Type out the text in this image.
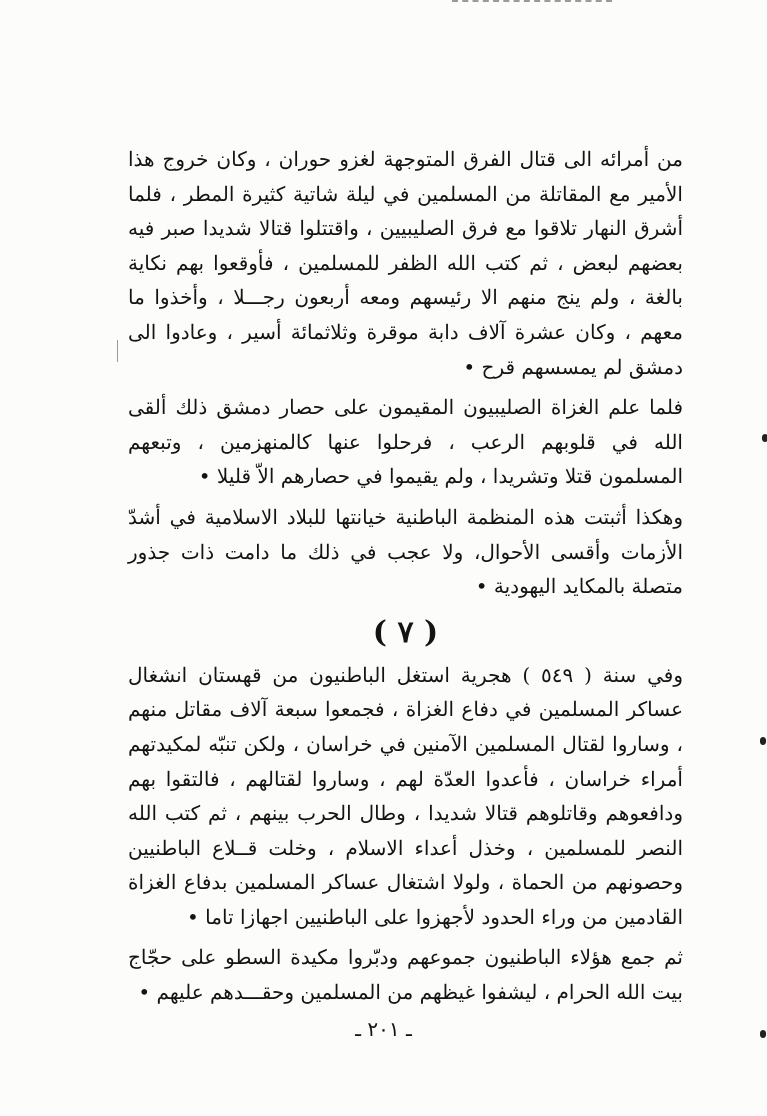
من أمرائه الى قتال الفرق المتوجهة لغزو حوران ، وكان خروج هذا الأمير مع المقاتلة من المسلمين في ليلة شاتية كثيرة المطر ، فلما أشرق النهار تلاقوا مع فرق الصليبيين ، واقتتلوا قتالا شديدا صبر فيه بعضهم لبعض ، ثم كتب الله الظفر للمسلمين ، فأوقعوا بهم نكاية بالغة ، ولم ينج منهم الا رئيسهم ومعه أربعون رجـــلا ، وأخذوا ما معهم ، وكان عشرة آلاف دابة موقرة وثلاثمائة أسير ، وعادوا الى دمشق لم يمسسهم قرح •

فلما علم الغزاة الصليبيون المقيمون على حصار دمشق ذلك ألقى الله في قلوبهم الرعب ، فرحلوا عنها كالمنهزمين ، وتبعهم المسلمون قتلا وتشريدا ، ولم يقيموا في حصارهم الاّ قليلا •

وهكذا أثبتت هذه المنظمة الباطنية خيانتها للبلاد الاسلامية في أشدّ الأزمات وأقسى الأحوال، ولا عجب في ذلك ما دامت ذات جذور متصلة بالمكايد اليهودية •

( ٧ )

وفي سنة ( ٥٤٩ ) هجرية استغل الباطنيون من قهستان انشغال عساكر المسلمين في دفاع الغزاة ، فجمعوا سبعة آلاف مقاتل منهم ، وساروا لقتال المسلمين الآمنين في خراسان ، ولكن تنبّه لمكيدتهم أمراء خراسان ، فأعدوا العدّة لهم ، وساروا لقتالهم ، فالتقوا بهم ودافعوهم وقاتلوهم قتالا شديدا ، وطال الحرب بينهم ، ثم كتب الله النصر للمسلمين ، وخذل أعداء الاسلام ، وخلت قــلاع الباطنيين وحصونهم من الحماة ، ولولا اشتغال عساكر المسلمين بدفاع الغزاة القادمين من وراء الحدود لأجهزوا على الباطنيين اجهازا تاما •

ثم جمع هؤلاء الباطنيون جموعهم ودبّروا مكيدة السطو على حجّاج بيت الله الحرام ، ليشفوا غيظهم من المسلمين وحقـــدهم عليهم •

ـ ٢٠١ ـ
